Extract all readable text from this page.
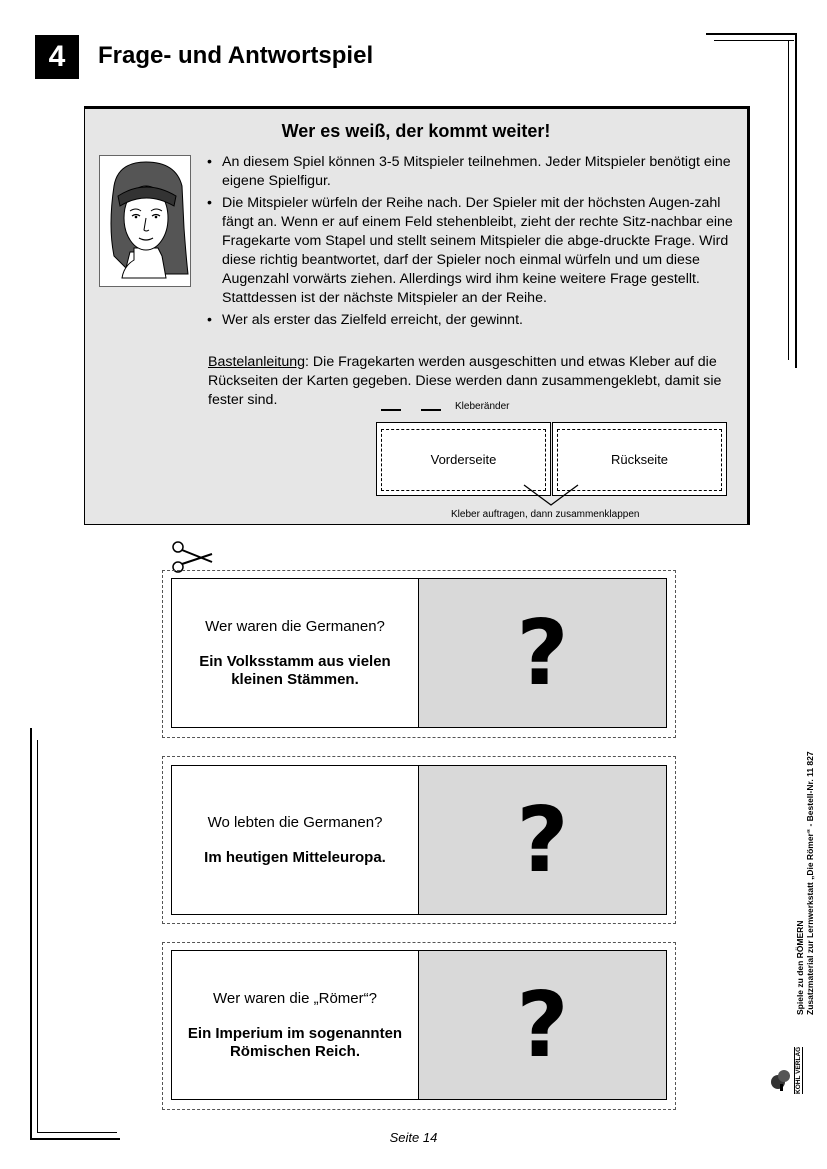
4	Frage- und Antwortspiel
Wer es weiß, der kommt weiter!
• An diesem Spiel können 3-5 Mitspieler teilnehmen. Jeder Mitspieler benötigt eine eigene Spielfigur.
• Die Mitspieler würfeln der Reihe nach. Der Spieler mit der höchsten Augen-zahl fängt an. Wenn er auf einem Feld stehenbleibt, zieht der rechte Sitz-nachbar eine Fragekarte vom Stapel und stellt seinem Mitspieler die abge-druckte Frage. Wird diese richtig beantwortet, darf der Spieler noch einmal würfeln und um diese Augenzahl vorwärts ziehen. Allerdings wird ihm keine weitere Frage gestellt. Stattdessen ist der nächste Mitspieler an der Reihe.
• Wer als erster das Zielfeld erreicht, der gewinnt.
Bastelanleitung: Die Fragekarten werden ausgeschitten und etwas Kleber auf die Rückseiten der Karten gegeben. Diese werden dann zusammengeklebt, damit sie fester sind.	Kleberänder
Vorderseite	Rückseite
Kleber auftragen, dann zusammenklappen
Wer waren die Germanen?
Ein Volksstamm aus vielen kleinen Stämmen.	?
Wo lebten die Germanen?
Im heutigen Mitteleuropa.	?
Wer waren die „Römer“?
Ein Imperium im sogenannten Römischen Reich.	?
Spiele zu den RÖMERN Zusatzmaterial zur Lernwerkstatt „Die Römer“ - Bestell-Nr. 11 827
KOHL VERLAG
Seite 14
